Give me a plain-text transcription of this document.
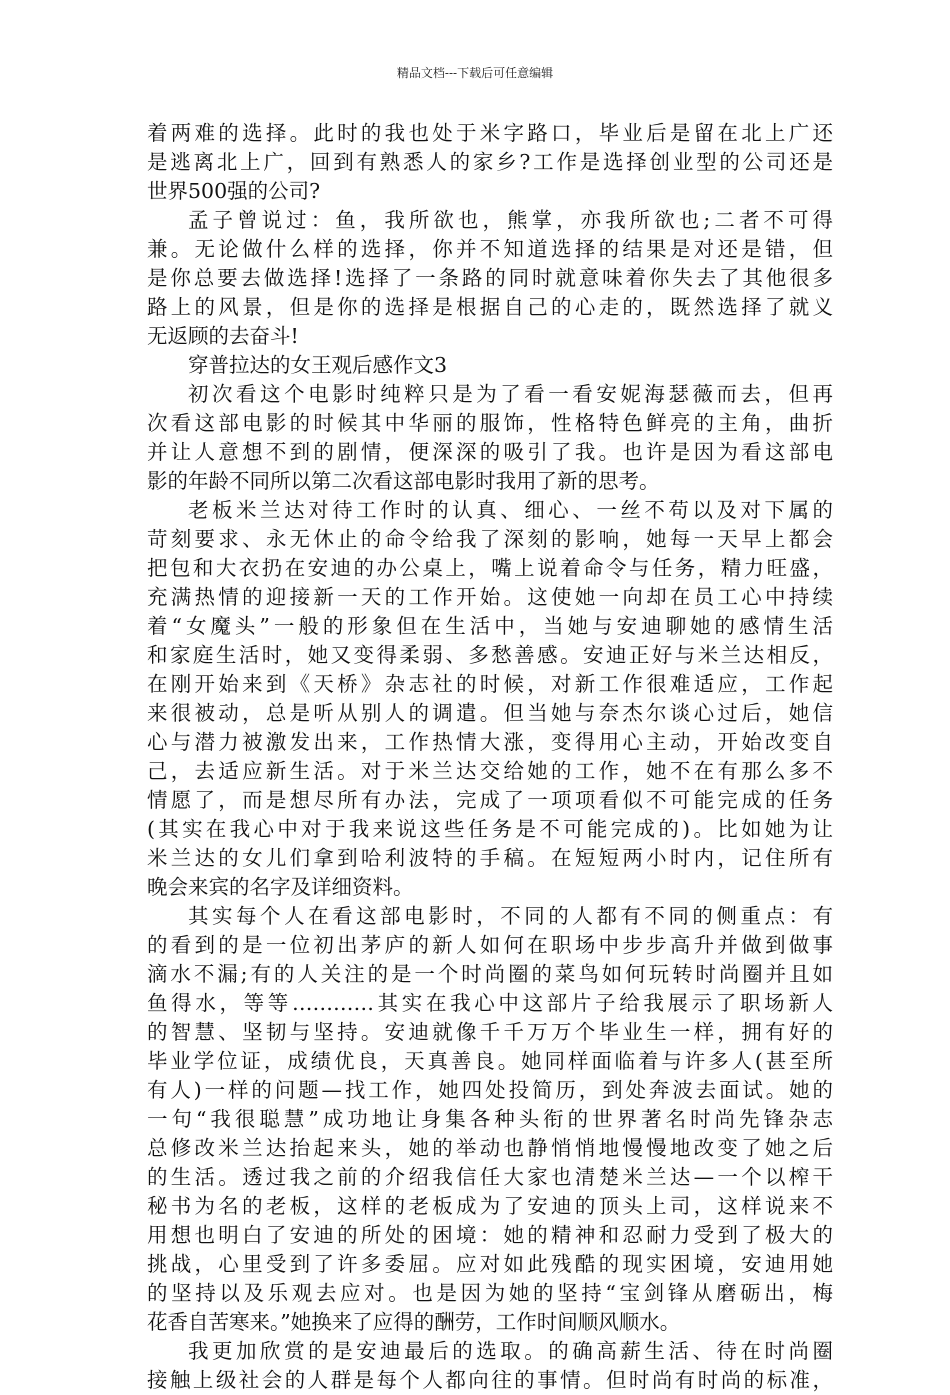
精品文档---下载后可任意编辑
着两难的选择。此时的我也处于米字路口，毕业后是留在北上广还
是逃离北上广，回到有熟悉人的家乡?工作是选择创业型的公司还是
世界500强的公司?
孟子曾说过：鱼，我所欲也，熊掌，亦我所欲也;二者不可得
兼。无论做什么样的选择，你并不知道选择的结果是对还是错，但
是你总要去做选择!选择了一条路的同时就意味着你失去了其他很多
路上的风景，但是你的选择是根据自己的心走的，既然选择了就义
无返顾的去奋斗!
穿普拉达的女王观后感作文3
初次看这个电影时纯粹只是为了看一看安妮海瑟薇而去，但再
次看这部电影的时候其中华丽的服饰，性格特色鲜亮的主角，曲折
并让人意想不到的剧情，便深深的吸引了我。也许是因为看这部电
影的年龄不同所以第二次看这部电影时我用了新的思考。
老板米兰达对待工作时的认真、细心、一丝不苟以及对下属的
苛刻要求、永无休止的命令给我了深刻的影响，她每一天早上都会
把包和大衣扔在安迪的办公桌上，嘴上说着命令与任务，精力旺盛，
充满热情的迎接新一天的工作开始。这使她一向却在员工心中持续
着“女魔头”一般的形象但在生活中，当她与安迪聊她的感情生活
和家庭生活时，她又变得柔弱、多愁善感。安迪正好与米兰达相反，
在刚开始来到《天桥》杂志社的时候，对新工作很难适应，工作起
来很被动，总是听从别人的调遣。但当她与奈杰尔谈心过后，她信
心与潜力被激发出来，工作热情大涨，变得用心主动，开始改变自
己，去适应新生活。对于米兰达交给她的工作，她不在有那么多不
情愿了，而是想尽所有办法，完成了一项项看似不可能完成的任务
(其实在我心中对于我来说这些任务是不可能完成的)。比如她为让
米兰达的女儿们拿到哈利波特的手稿。在短短两小时内，记住所有
晚会来宾的名字及详细资料。
其实每个人在看这部电影时，不同的人都有不同的侧重点：有
的看到的是一位初出茅庐的新人如何在职场中步步高升并做到做事
滴水不漏;有的人关注的是一个时尚圈的菜鸟如何玩转时尚圈并且如
鱼得水，等等…………其实在我心中这部片子给我展示了职场新人
的智慧、坚韧与坚持。安迪就像千千万万个毕业生一样，拥有好的
毕业学位证，成绩优良，天真善良。她同样面临着与许多人(甚至所
有人)一样的问题—找工作，她四处投简历，到处奔波去面试。她的
一句“我很聪慧”成功地让身集各种头衔的世界著名时尚先锋杂志
总修改米兰达抬起来头，她的举动也静悄悄地慢慢地改变了她之后
的生活。透过我之前的介绍我信任大家也清楚米兰达—一个以榨干
秘书为名的老板，这样的老板成为了安迪的顶头上司，这样说来不
用想也明白了安迪的所处的困境：她的精神和忍耐力受到了极大的
挑战，心里受到了许多委屈。应对如此残酷的现实困境，安迪用她
的坚持以及乐观去应对。也是因为她的坚持“宝剑锋从磨砺出，梅
花香自苦寒来。”她换来了应得的酬劳，工作时间顺风顺水。
我更加欣赏的是安迪最后的选取。的确高薪生活、待在时尚圈
接触上级社会的人群是每个人都向往的事情。但时尚有时尚的标准，
